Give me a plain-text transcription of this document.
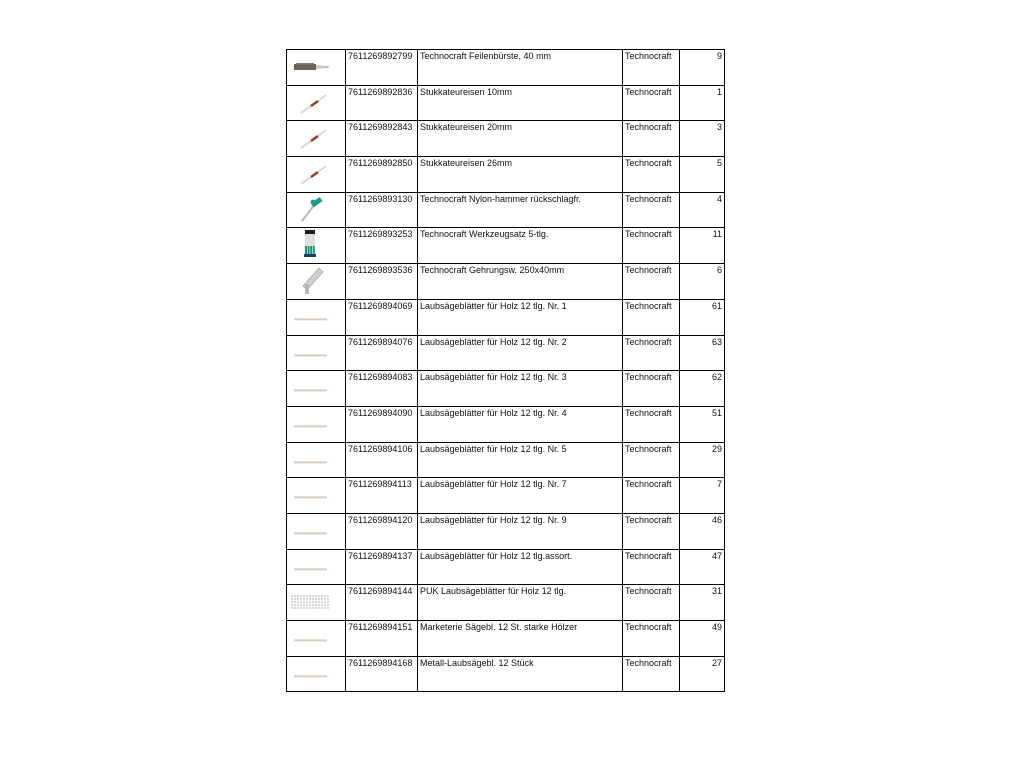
	7611269892799	Technocraft Feilenbürste, 40 mm	Technocraft	9

	7611269892836	Stukkateureisen 10mm	Technocraft	1

	7611269892843	Stukkateureisen 20mm	Technocraft	3

	7611269892850	Stukkateureisen 26mm	Technocraft	5

	7611269893130	Technocraft Nylon-hammer rückschlagfr.	Technocraft	4

	7611269893253	Technocraft Werkzeugsatz 5-tlg.	Technocraft	11

	7611269893536	Technocraft Gehrungsw. 250x40mm	Technocraft	6

	7611269894069	Laubsägeblätter für Holz 12 tlg. Nr. 1	Technocraft	61

	7611269894076	Laubsägeblätter für Holz 12 tlg. Nr. 2	Technocraft	63

	7611269894083	Laubsägeblätter für Holz 12 tlg. Nr. 3	Technocraft	62

	7611269894090	Laubsägeblätter für Holz 12 tlg. Nr. 4	Technocraft	51

	7611269894106	Laubsägeblätter für Holz 12 tlg. Nr. 5	Technocraft	29

	7611269894113	Laubsägeblätter für Holz 12 tlg. Nr. 7	Technocraft	7

	7611269894120	Laubsägeblätter für Holz 12 tlg. Nr. 9	Technocraft	46

	7611269894137	Laubsägeblätter für Holz 12 tlg.assort.	Technocraft	47

	7611269894144	PUK Laubsägeblätter für Holz 12 tlg.	Technocraft	31

	7611269894151	Marketerie Sägebl. 12 St. starke Hölzer	Technocraft	49

	7611269894168	Metall-Laubsägebl. 12 Stück	Technocraft	27
